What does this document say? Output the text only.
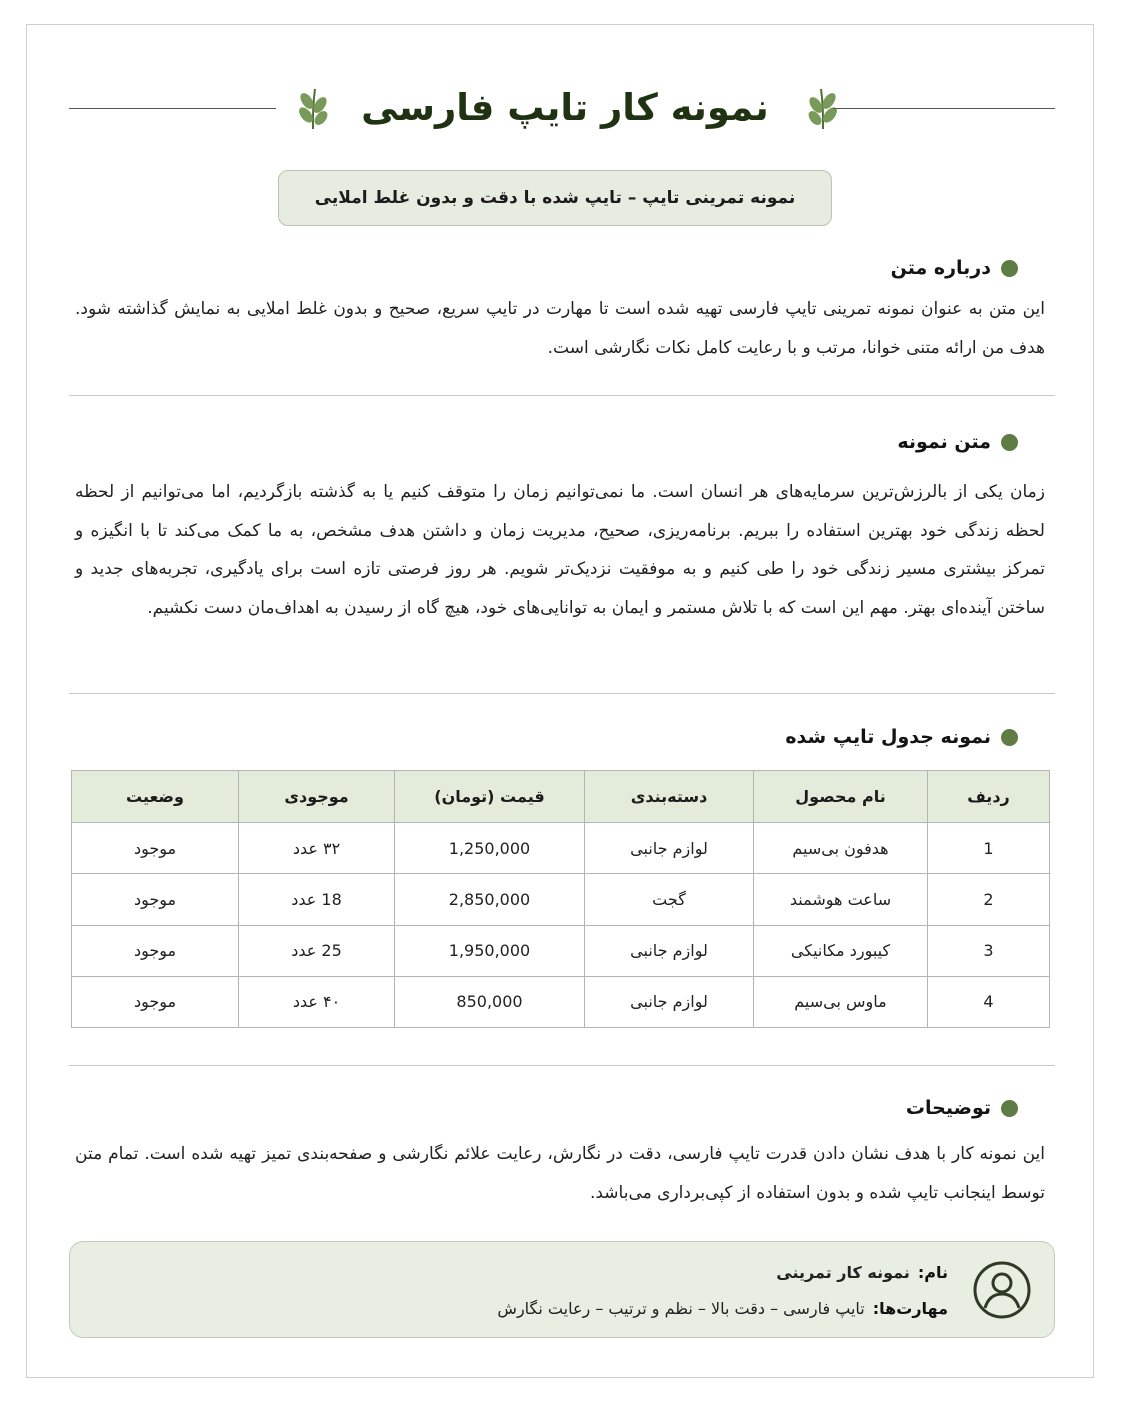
نمونه کار تایپ فارسی
نمونه تمرینی تایپ – تایپ شده با دقت و بدون غلط املایی
درباره متن
این متن به عنوان نمونه تمرینی تایپ فارسی تهیه شده است تا مهارت در تایپ سریع، صحیح و بدون غلط املایی به نمایش گذاشته شود. هدف من ارائه متنی خوانا، مرتب و با رعایت کامل نکات نگارشی است.
متن نمونه
زمان یکی از بالرزش‌ترین سرمایه‌های هر انسان است. ما نمی‌توانیم زمان را متوقف کنیم یا به گذشته بازگردیم، اما می‌توانیم از لحظه لحظه زندگی خود بهترین استفاده را ببریم. برنامه‌ریزی، صحیح، مدیریت زمان و داشتن هدف مشخص، به ما کمک می‌کند تا با انگیزه و تمرکز بیشتری مسیر زندگی خود را طی کنیم و به موفقیت نزدیک‌تر شویم. هر روز فرصتی تازه است برای یادگیری، تجربه‌های جدید و ساختن آینده‌ای بهتر. مهم این است که با تلاش مستمر و ایمان به توانایی‌های خود، هیچ گاه از رسیدن به اهداف‌مان دست نکشیم.
نمونه جدول تایپ شده
ردیف	نام محصول	دسته‌بندی	قیمت (تومان)	موجودی	وضعیت
1	هدفون بی‌سیم	لوازم جانبی	1,250,000	۳۲ عدد	موجود
2	ساعت هوشمند	گجت	2,850,000	18 عدد	موجود
3	کیبورد مکانیکی	لوازم جانبی	1,950,000	25 عدد	موجود
4	ماوس بی‌سیم	لوازم جانبی	850,000	۴۰ عدد	موجود
توضیحات
این نمونه کار با هدف نشان دادن قدرت تایپ فارسی، دقت در نگارش، رعایت علائم نگارشی و صفحه‌بندی تمیز تهیه شده است. تمام متن توسط اینجانب تایپ شده و بدون استفاده از کپی‌برداری می‌باشد.
نام:
نمونه کار تمرینی
مهارت‌ها:
تایپ فارسی – دقت بالا – نظم و ترتیب – رعایت نگارش
